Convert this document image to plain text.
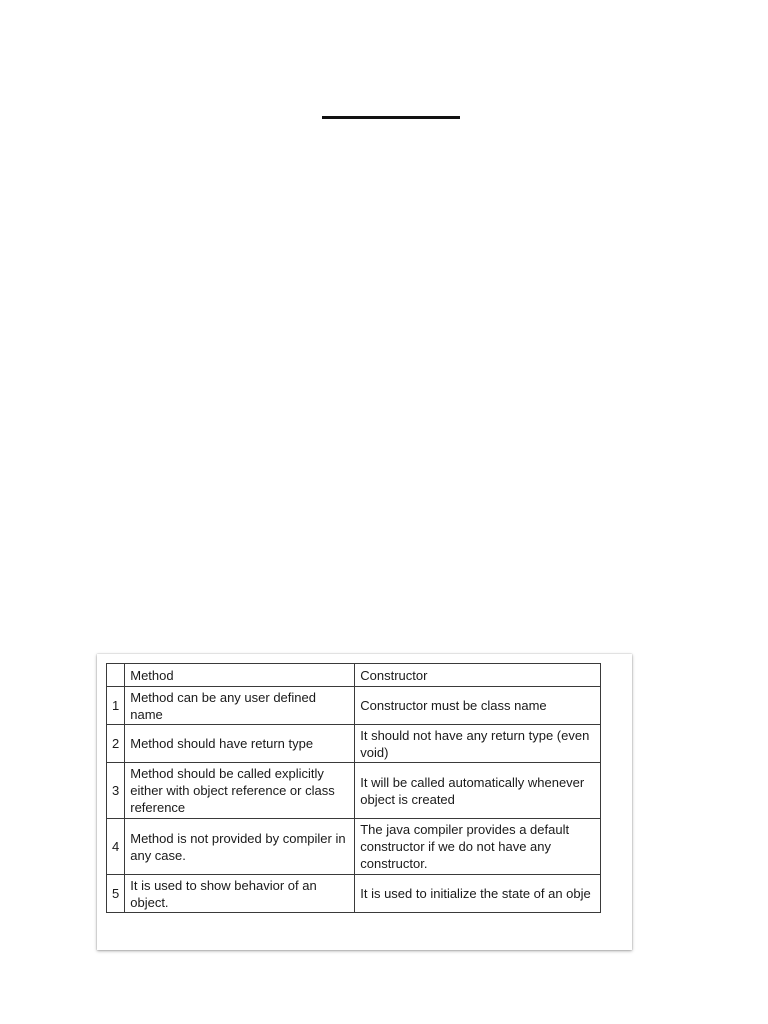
	Method	Constructor
1	Method can be any user defined name	Constructor must be class name
2	Method should have return type	It should not have any return type (even void)
3	Method should be called explicitly either with object reference or class reference	It will be called automatically whenever object is created
4	Method is not provided by compiler in any case.	The java compiler provides a default constructor if we do not have any constructor.
5	It is used to show behavior of an object.	It is used to initialize the state of an obje
